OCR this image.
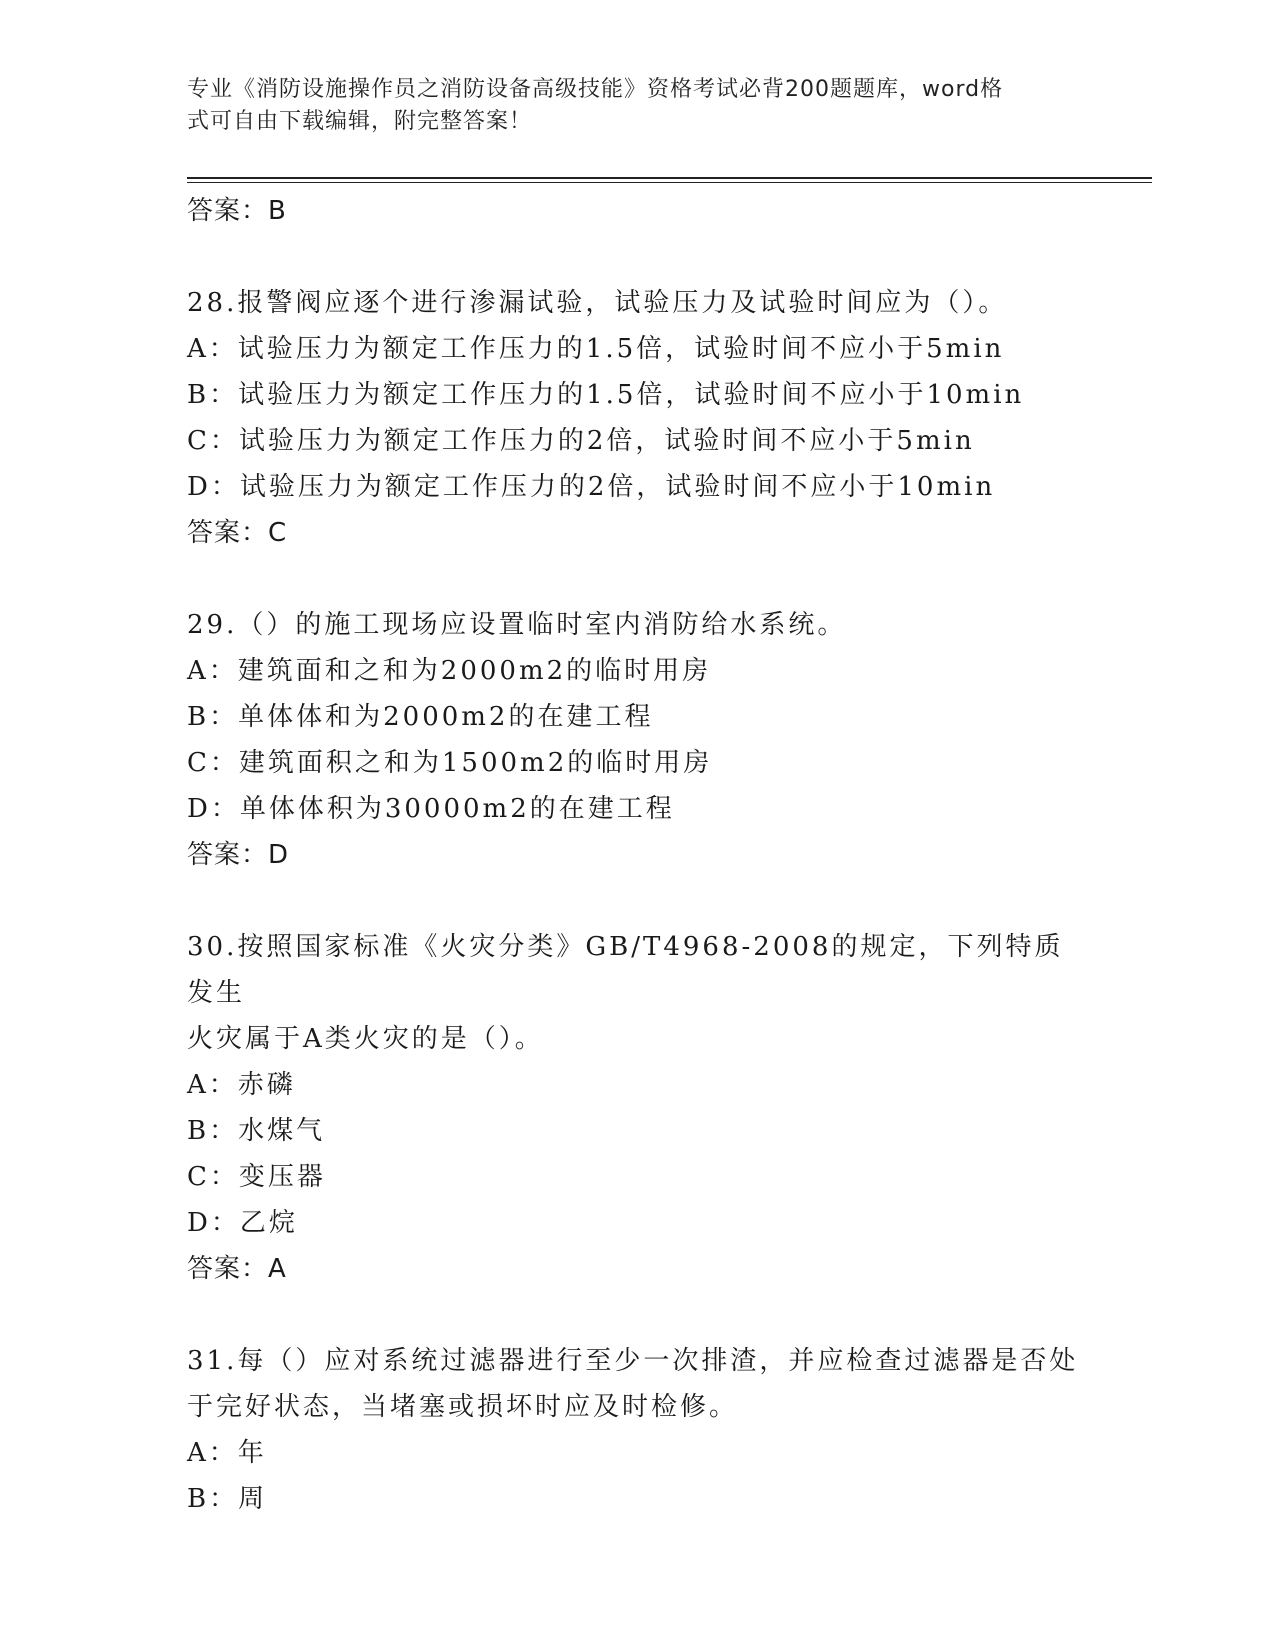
专业《消防设施操作员之消防设备高级技能》资格考试必背200题题库，word格
式可自由下载编辑，附完整答案！

答案：B

28.报警阀应逐个进行渗漏试验，试验压力及试验时间应为（）。

A：试验压力为额定工作压力的1.5倍，试验时间不应小于5min

B：试验压力为额定工作压力的1.5倍，试验时间不应小于10min

C：试验压力为额定工作压力的2倍，试验时间不应小于5min

D：试验压力为额定工作压力的2倍，试验时间不应小于10min

答案：C

29.（）的施工现场应设置临时室内消防给水系统。

A：建筑面和之和为2000m2的临时用房

B：单体体和为2000m2的在建工程

C：建筑面积之和为1500m2的临时用房

D：单体体积为30000m2的在建工程

答案：D

30.按照国家标准《火灾分类》GB/T4968-2008的规定，下列特质发生

火灾属于A类火灾的是（）。

A：赤磷

B：水煤气

C：变压器

D：乙烷

答案：A

31.每（）应对系统过滤器进行至少一次排渣，并应检查过滤器是否处

于完好状态，当堵塞或损坏时应及时检修。

A：年

B：周
